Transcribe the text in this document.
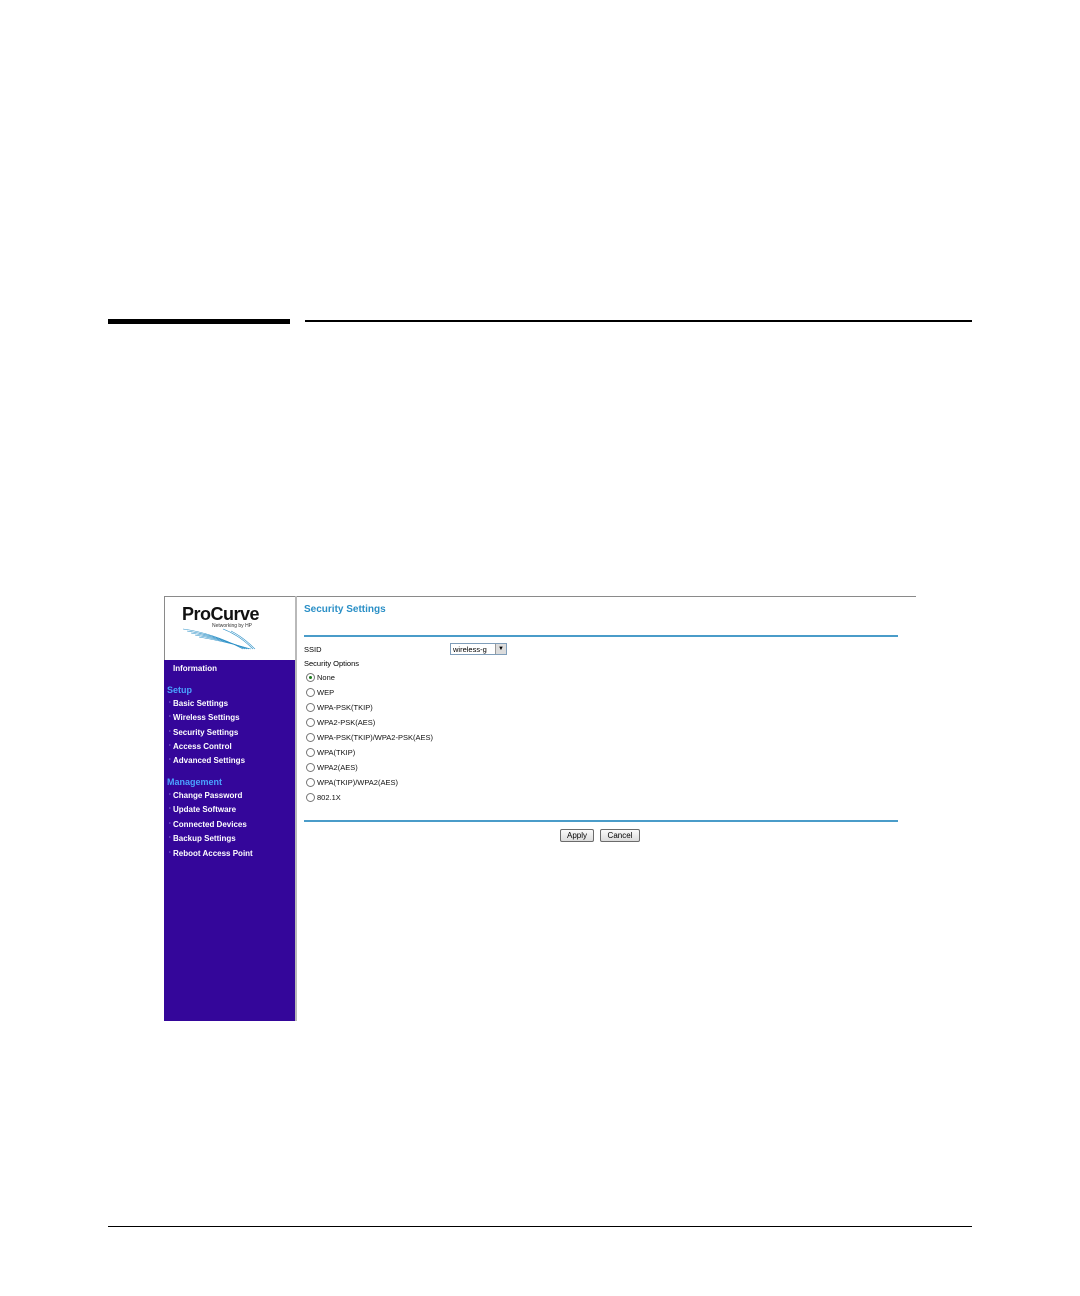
ProCurve
Networking by HP
Information
Setup
· Basic Settings
· Wireless Settings
· Security Settings
· Access Control
· Advanced Settings
Management
· Change Password
· Update Software
· Connected Devices
· Backup Settings
· Reboot Access Point
Security Settings
SSID	wireless-g	▼
Security Options
None
WEP
WPA-PSK(TKIP)
WPA2-PSK(AES)
WPA-PSK(TKIP)/WPA2-PSK(AES)
WPA(TKIP)
WPA2(AES)
WPA(TKIP)/WPA2(AES)
802.1X
Apply	Cancel
